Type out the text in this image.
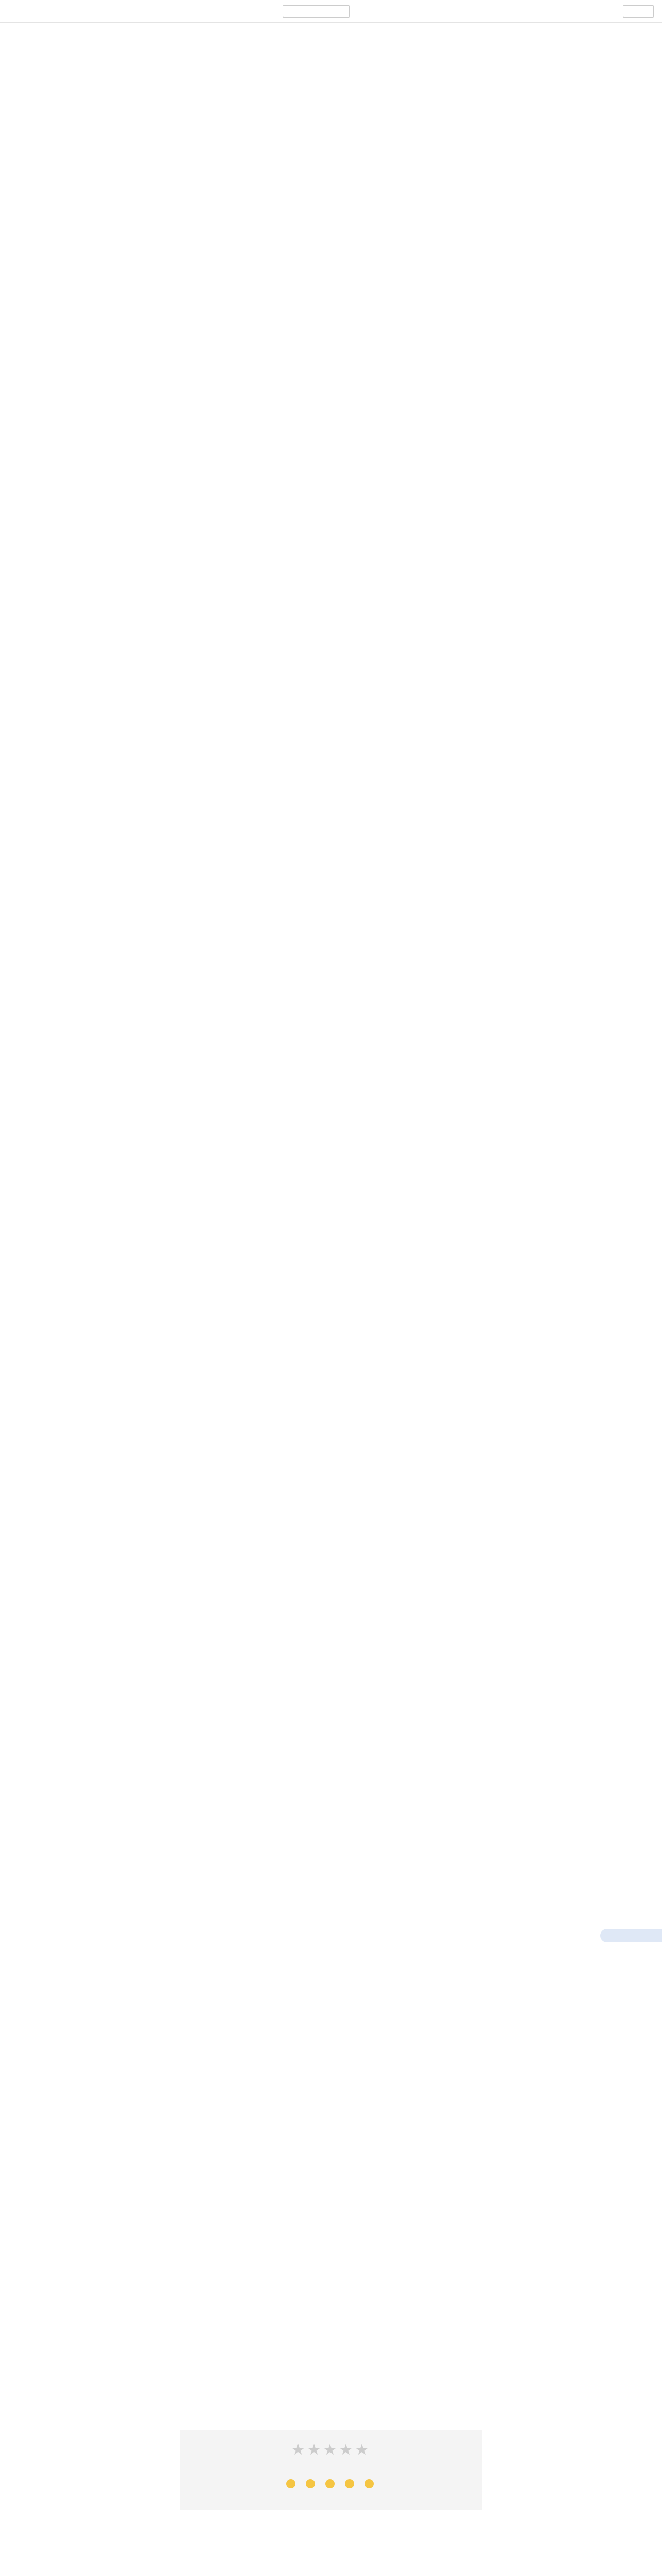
★★★★★
